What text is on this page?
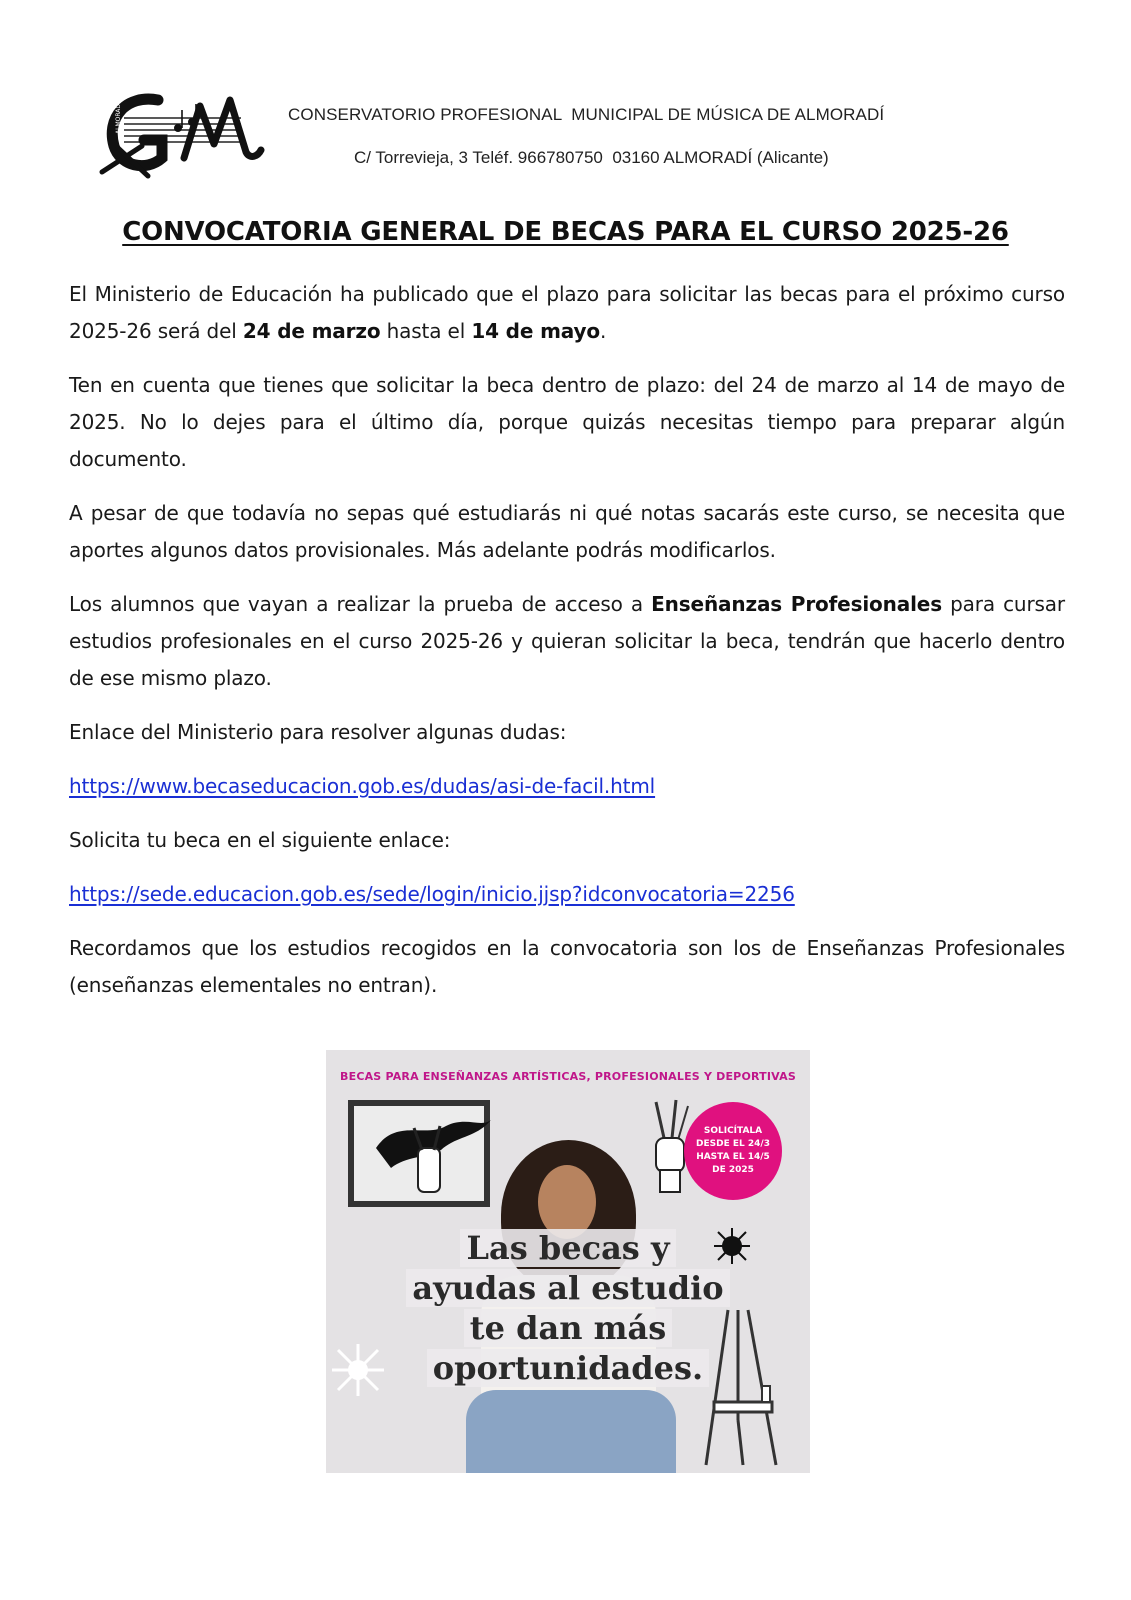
ALMORADÍ	CONSERVATORIO PROFESIONAL  MUNICIPAL DE MÚSICA DE ALMORADÍ
C/ Torrevieja, 3 Teléf. 966780750  03160 ALMORADÍ (Alicante)
CONVOCATORIA GENERAL DE BECAS PARA EL CURSO 2025-26

El Ministerio de Educación ha publicado que el plazo para solicitar las becas para el próximo curso 2025-26 será del 24 de marzo hasta el 14 de mayo.

Ten en cuenta que tienes que solicitar la beca dentro de plazo: del 24 de marzo al 14 de mayo de 2025. No lo dejes para el último día, porque quizás necesitas tiempo para preparar algún documento.

A pesar de que todavía no sepas qué estudiarás ni qué notas sacarás este curso, se necesita que aportes algunos datos provisionales. Más adelante podrás modificarlos.

Los alumnos que vayan a realizar la prueba de acceso a Enseñanzas Profesionales para cursar estudios profesionales en el curso 2025-26 y quieran solicitar la beca, tendrán que hacerlo dentro de ese mismo plazo.

Enlace del Ministerio para resolver algunas dudas:

https://www.becaseducacion.gob.es/dudas/asi-de-facil.html

Solicita tu beca en el siguiente enlace:

https://sede.educacion.gob.es/sede/login/inicio.jjsp?idconvocatoria=2256

Recordamos que los estudios recogidos en la convocatoria son los de Enseñanzas Profesionales (enseñanzas elementales no entran).

BECAS PARA ENSEÑANZAS ARTÍSTICAS, PROFESIONALES Y DEPORTIVAS
SOLICÍTALA
DESDE EL 24/3
HASTA EL 14/5
DE 2025
Las becas y
ayudas al estudio
te dan más
oportunidades.
